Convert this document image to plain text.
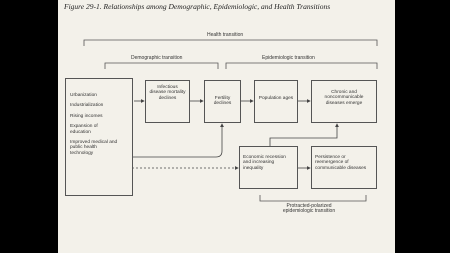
Figure 29-1. Relationships among Demographic, Epidemiologic, and Health Transitions
Health transition
Demographic transition	Epidemiologic transition
Urbanization
Industrialization
Rising incomes
Expansion of education
Improved medical and public health technology
Infectious disease mortality declines	Fertility declines
Population ages
Chronic and noncommunicable diseases emerge
Economic recession and increasing inequality
Persistence or reemergence of communicable diseases
Protracted-polarized epidemiologic transition
